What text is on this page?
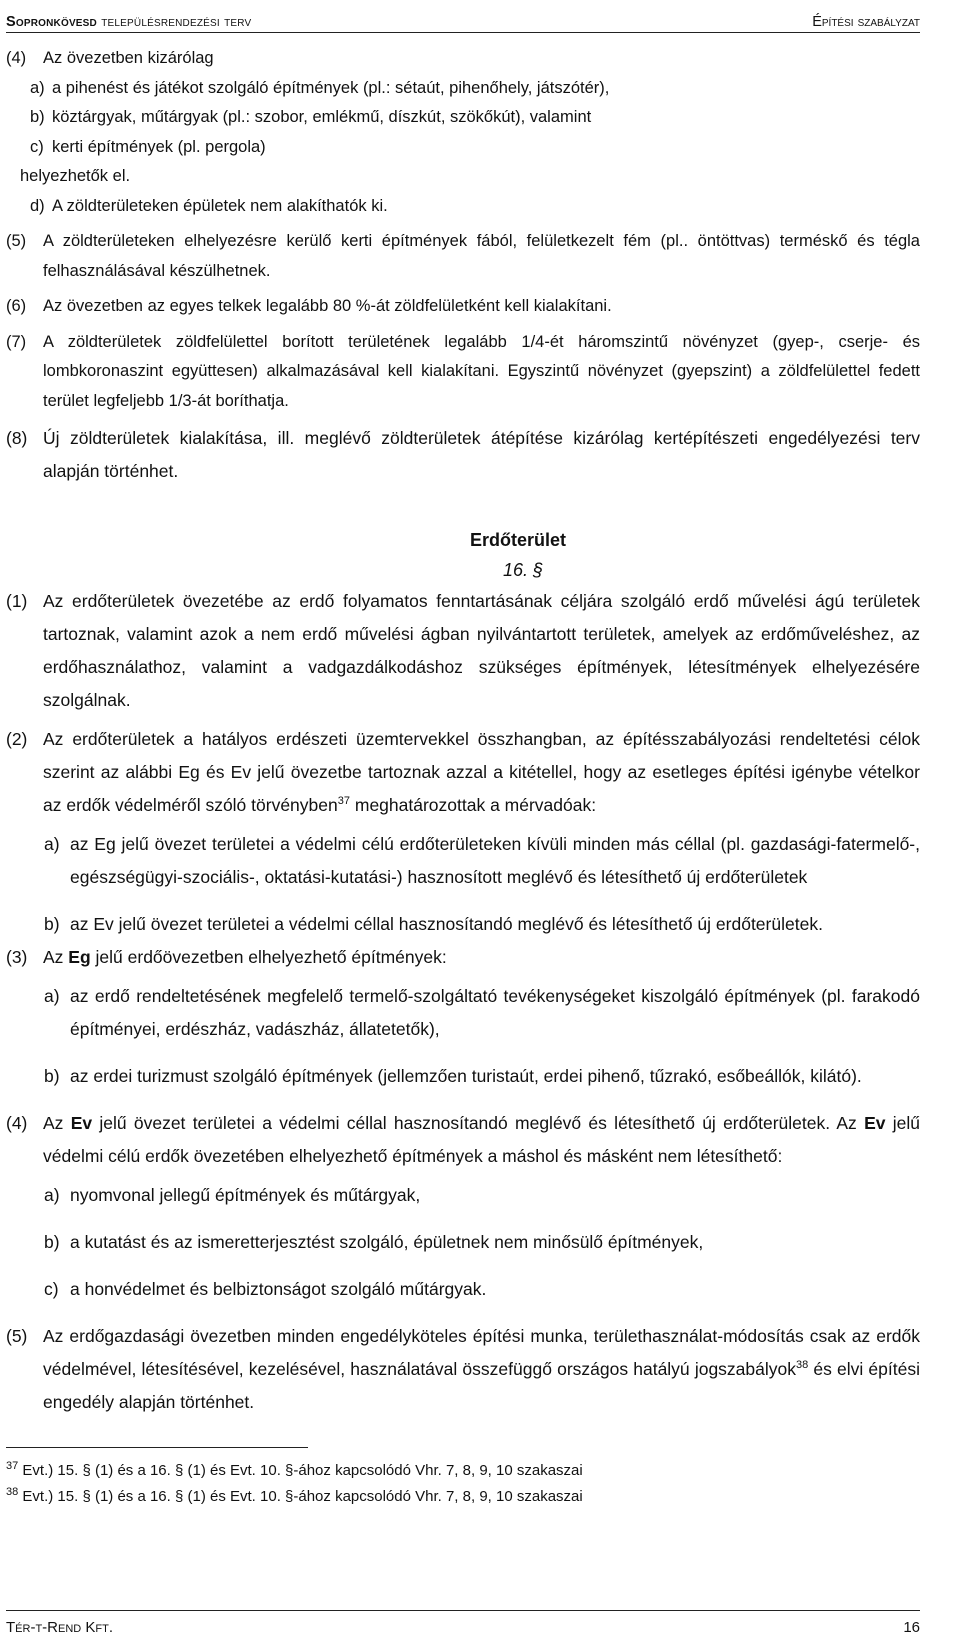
Sopronkövesd településrendezési terv	Építési szabályzat
(4)	Az övezetben kizárólag
a) a pihenést és játékot szolgáló építmények (pl.: sétaút, pihenőhely, játszótér),
b) köztárgyak, műtárgyak (pl.: szobor, emlékmű, díszkút, szökőkút), valamint
c) kerti építmények (pl. pergola)
helyezhetők el.
d) A zöldterületeken épületek nem alakíthatók ki.
(5)	A zöldterületeken elhelyezésre kerülő kerti építmények fából, felületkezelt fém (pl.. öntöttvas) terméskő és tégla felhasználásával készülhetnek.
(6)	Az övezetben az egyes telkek legalább 80 %-át zöldfelületként kell kialakítani.
(7)	A zöldterületek zöldfelülettel borított területének legalább 1/4-ét háromszintű növényzet (gyep-, cserje- és lombkoronaszint együttesen) alkalmazásával kell kialakítani. Egyszintű növényzet (gyepszint) a zöldfelülettel fedett terület legfeljebb 1/3-át boríthatja.
(8) Új zöldterületek kialakítása, ill. meglévő zöldterületek átépítése kizárólag kertépítészeti engedélyezési terv alapján történhet.
Erdőterület
16. §
(1) Az erdőterületek övezetébe az erdő folyamatos fenntartásának céljára szolgáló erdő művelési ágú területek tartoznak, valamint azok a nem erdő művelési ágban nyilvántartott területek, amelyek az erdőműveléshez, az erdőhasználathoz, valamint a vadgazdálkodáshoz szükséges építmények, létesítmények elhelyezésére szolgálnak.
(2) Az erdőterületek a hatályos erdészeti üzemtervekkel összhangban, az építésszabályozási rendeltetési célok szerint az alábbi Eg és Ev jelű övezetbe tartoznak azzal a kitétellel, hogy az esetleges építési igénybe vételkor az erdők védelméről szóló törvényben$^{37}$ meghatározottak a mérvadóak:
a) az Eg jelű övezet területei a védelmi célú erdőterületeken kívüli minden más céllal (pl. gazdasági-fatermelő-, egészségügyi-szociális-, oktatási-kutatási-) hasznosított meglévő és létesíthető új erdőterületek
b) az Ev jelű övezet területei a védelmi céllal hasznosítandó meglévő és létesíthető új erdőterületek.
(3) Az Eg jelű erdőövezetben elhelyezhető építmények:
a) az erdő rendeltetésének megfelelő termelő-szolgáltató tevékenységeket kiszolgáló építmények (pl. farakodó építményei, erdészház, vadászház, állatetetők),
b) az erdei turizmust szolgáló építmények (jellemzően turistaút, erdei pihenő, tűzrakó, esőbeállók, kilátó).
(4) Az Ev jelű övezet területei a védelmi céllal hasznosítandó meglévő és létesíthető új erdőterületek. Az Ev jelű védelmi célú erdők övezetében elhelyezhető építmények a máshol és másként nem létesíthető:
a) nyomvonal jellegű építmények és műtárgyak,
b) a kutatást és az ismeretterjesztést szolgáló, épületnek nem minősülő építmények,
c) a honvédelmet és belbiztonságot szolgáló műtárgyak.
(5) Az erdőgazdasági övezetben minden engedélyköteles építési munka, területhasználat-módosítás csak az erdők védelmével, létesítésével, kezelésével, használatával összefüggő országos hatályú jogszabályok$^{38}$ és elvi építési engedély alapján történhet.
$^{37}$ Evt.) 15. § (1) és a 16. § (1) és Evt. 10. §-ához kapcsolódó Vhr. 7, 8, 9, 10 szakaszai
$^{38}$ Evt.) 15. § (1) és a 16. § (1) és Evt. 10. §-ához kapcsolódó Vhr. 7, 8, 9, 10 szakaszai
Tér-t-Rend Kft.	16
